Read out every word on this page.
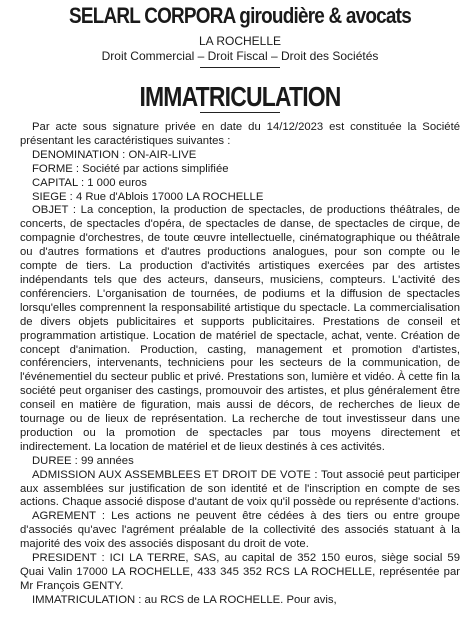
SELARL CORPORA giroudière & avocats
LA ROCHELLE
Droit Commercial – Droit Fiscal – Droit des Sociétés
IMMATRICULATION

Par acte sous signature privée en date du 14/12/2023 est constituée la Société présentant les caractéristiques suivantes :

DENOMINATION : ON-AIR-LIVE

FORME : Société par actions simplifiée

CAPITAL : 1 000 euros

SIEGE : 4 Rue d'Ablois 17000 LA ROCHELLE

OBJET : La conception, la production de spectacles, de productions théâtrales, de concerts, de spectacles d'opéra, de spectacles de danse, de spectacles de cirque, de compagnie d'orchestres, de toute œuvre intellectuelle, cinématographique ou théâtrale ou d'autres formations et d'autres productions analogues, pour son compte ou le compte de tiers. La production d'activités artistiques exercées par des artistes indépendants tels que des acteurs, danseurs, musiciens, compteurs. L'activité des conférenciers. L'organisation de tournées, de podiums et la diffusion de spectacles lorsqu'elles comprennent la responsabilité artistique du spectacle. La commercialisation de divers objets publicitaires et supports publicitaires. Prestations de conseil et programmation artistique. Location de matériel de spectacle, achat, vente. Création de concept d'animation. Production, casting, management et promotion d'artistes, conférenciers, intervenants, techniciens pour les secteurs de la communication, de l'événementiel du secteur public et privé. Prestations son, lumière et vidéo. À cette fin la société peut organiser des castings, promouvoir des artistes, et plus généralement être conseil en matière de figuration, mais aussi de décors, de recherches de lieux de tournage ou de lieux de représentation. La recherche de tout investisseur dans une production ou la promotion de spectacles par tous moyens directement et indirectement. La location de matériel et de lieux destinés à ces activités.

DUREE : 99 années

ADMISSION AUX ASSEMBLEES ET DROIT DE VOTE : Tout associé peut participer aux assemblées sur justification de son identité et de l'inscription en compte de ses actions. Chaque associé dispose d'autant de voix qu'il possède ou représente d'actions.

AGREMENT : Les actions ne peuvent être cédées à des tiers ou entre groupe d'associés qu'avec l'agrément préalable de la collectivité des associés statuant à la majorité des voix des associés disposant du droit de vote.

PRESIDENT : ICI LA TERRE, SAS, au capital de 352 150 euros, siège social 59 Quai Valin 17000 LA ROCHELLE, 433 345 352 RCS LA ROCHELLE, représentée par Mr François GENTY.

IMMATRICULATION : au RCS de LA ROCHELLE. Pour avis,
